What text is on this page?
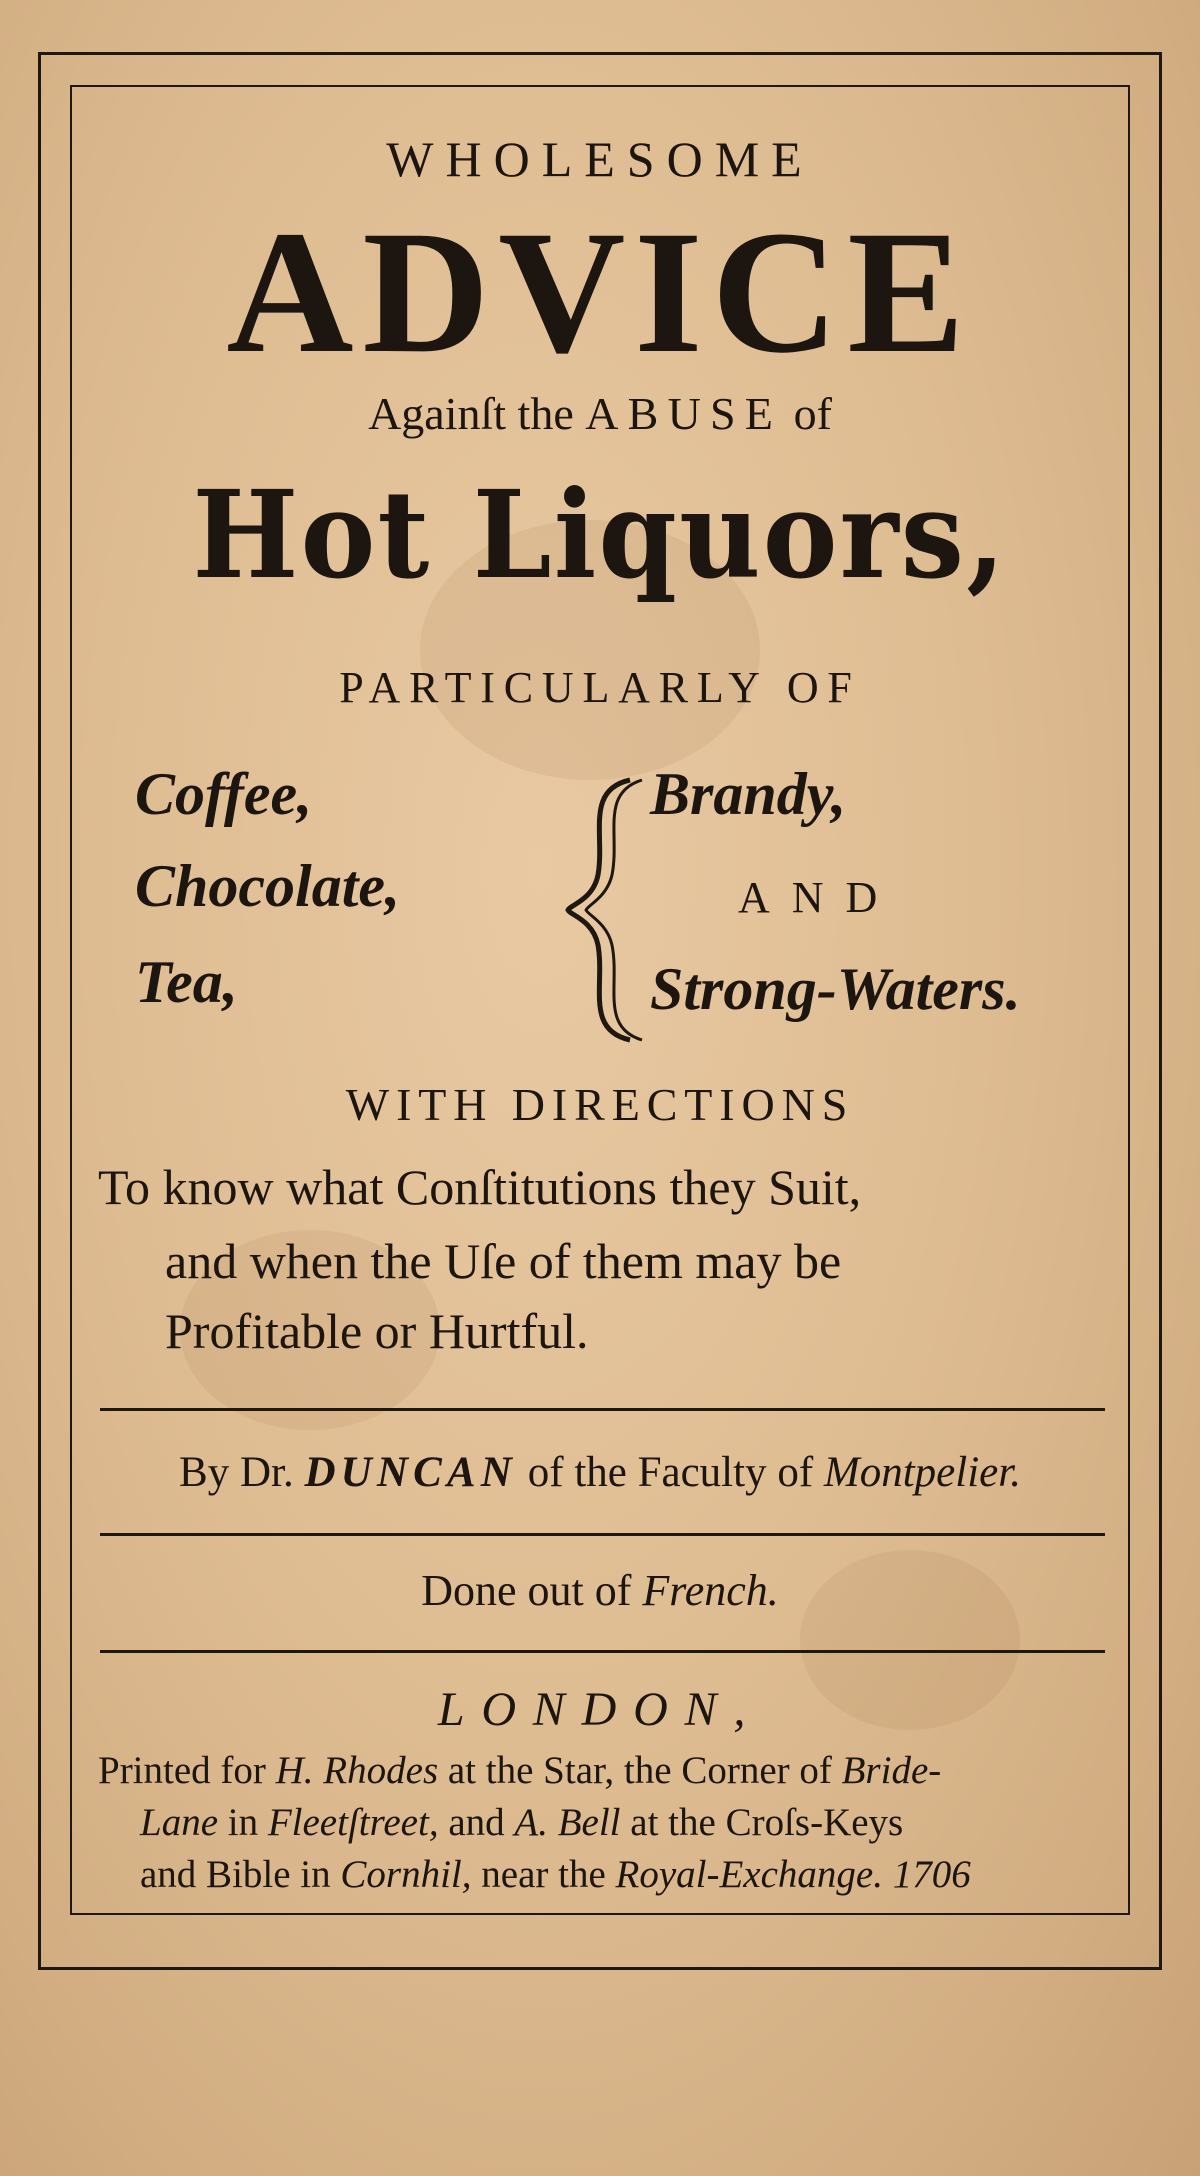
WHOLESOME
ADVICE
Againſt the ABUSE of
Hot Liquors,
PARTICULARLY OF
Coffee,
Chocolate,
Tea,
Brandy,
AND
Strong-Waters.
WITH DIRECTIONS
To know what Conſtitutions they Suit,
and when the Uſe of them may be
Profitable or Hurtful.
By Dr. DUNCAN of the Faculty of Montpelier.
Done out of French.
LONDON,
Printed for H. Rhodes at the Star, the Corner of Bride-
Lane in Fleetſtreet, and A. Bell at the Croſs-Keys
and Bible in Cornhil, near the Royal-Exchange. 1706
